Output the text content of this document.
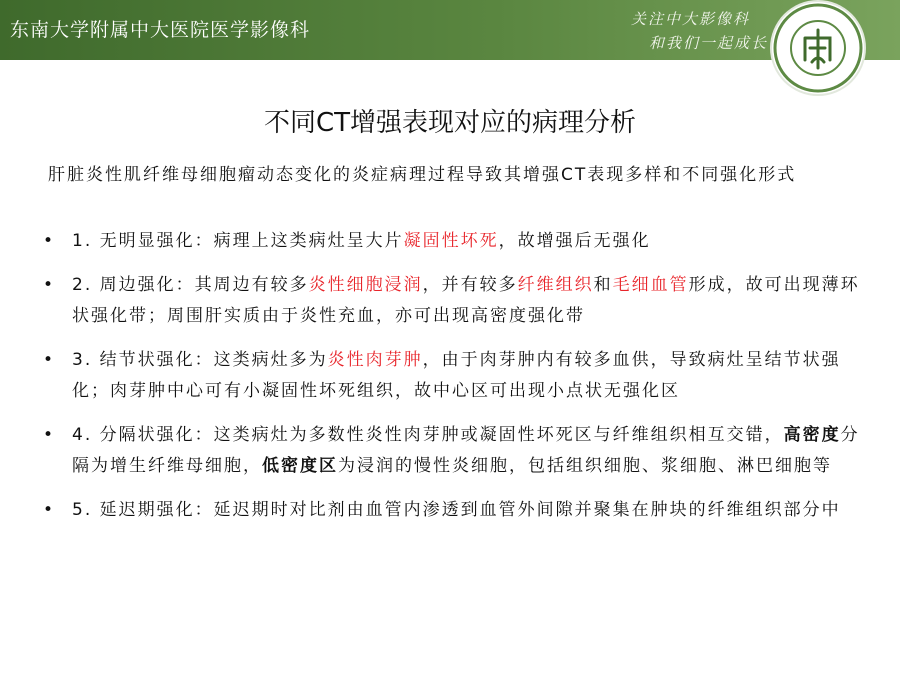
东南大学附属中大医院医学影像科	关注中大影像科
和我们一起成长
不同CT增强表现对应的病理分析
肝脏炎性肌纤维母细胞瘤动态变化的炎症病理过程导致其增强CT表现多样和不同强化形式
• 1. 无明显强化：病理上这类病灶呈大片凝固性坏死，故增强后无强化
• 2. 周边强化：其周边有较多炎性细胞浸润，并有较多纤维组织和毛细血管形成，故可出现薄环状强化带；周围肝实质由于炎性充血，亦可出现高密度强化带
• 3. 结节状强化：这类病灶多为炎性肉芽肿，由于肉芽肿内有较多血供，导致病灶呈结节状强化；肉芽肿中心可有小凝固性坏死组织，故中心区可出现小点状无强化区
• 4. 分隔状强化：这类病灶为多数性炎性肉芽肿或凝固性坏死区与纤维组织相互交错，高密度分隔为增生纤维母细胞，低密度区为浸润的慢性炎细胞，包括组织细胞、浆细胞、淋巴细胞等
• 5. 延迟期强化：延迟期时对比剂由血管内渗透到血管外间隙并聚集在肿块的纤维组织部分中
